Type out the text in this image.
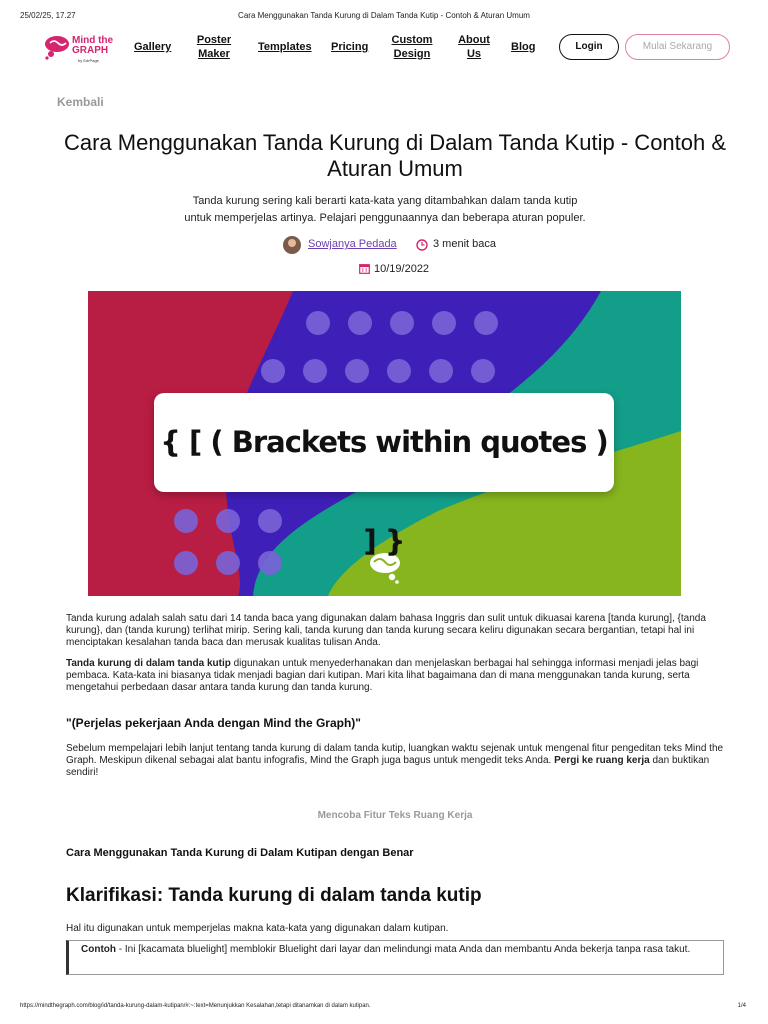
25/02/25, 17.27	Cara Menggunakan Tanda Kurung di Dalam Tanda Kutip - Contoh & Aturan Umum
Mind the
GRAPH
by EdrPage
Gallery
Poster Maker
Templates Pricing
Custom Design
About Us
Blog	Login	Mulai Sekarang
Kembali
Cara Menggunakan Tanda Kurung di Dalam Tanda Kutip - Contoh & Aturan Umum

Tanda kurung sering kali berarti kata-kata yang ditambahkan dalam tanda kutip untuk memperjelas artinya. Pelajari penggunaannya dan beberapa aturan populer.

Sowjanya Pedada	3 menit baca
10/19/2022
{ [ ( Brackets within quotes ) ] }

Tanda kurung adalah salah satu dari 14 tanda baca yang digunakan dalam bahasa Inggris dan sulit untuk dikuasai karena [tanda kurung], {tanda kurung}, dan (tanda kurung) terlihat mirip. Sering kali, tanda kurung dan tanda kurung secara keliru digunakan secara bergantian, tetapi hal ini menciptakan kesalahan tanda baca dan merusak kualitas tulisan Anda.

Tanda kurung di dalam tanda kutip digunakan untuk menyederhanakan dan menjelaskan berbagai hal sehingga informasi menjadi jelas bagi pembaca. Kata-kata ini biasanya tidak menjadi bagian dari kutipan. Mari kita lihat bagaimana dan di mana menggunakan tanda kurung, serta mengetahui perbedaan dasar antara tanda kurung dan tanda kurung.

"(Perjelas pekerjaan Anda dengan Mind the Graph)"

Sebelum mempelajari lebih lanjut tentang tanda kurung di dalam tanda kutip, luangkan waktu sejenak untuk mengenal fitur pengeditan teks Mind the Graph. Meskipun dikenal sebagai alat bantu infografis, Mind the Graph juga bagus untuk mengedit teks Anda. Pergi ke ruang kerja dan buktikan sendiri!

Mencoba Fitur Teks Ruang Kerja

Cara Menggunakan Tanda Kurung di Dalam Kutipan dengan Benar

Klarifikasi: Tanda kurung di dalam tanda kutip

Hal itu digunakan untuk memperjelas makna kata-kata yang digunakan dalam kutipan.

Contoh - Ini [kacamata bluelight] memblokir Bluelight dari layar dan melindungi mata Anda dan membantu Anda bekerja tanpa rasa takut.
https://mindthegraph.com/blog/id/tanda-kurung-dalam-kutipan/#:~:text=Menunjukkan Kesalahan,tetapi ditanamkan di dalam kutipan.	1/4
